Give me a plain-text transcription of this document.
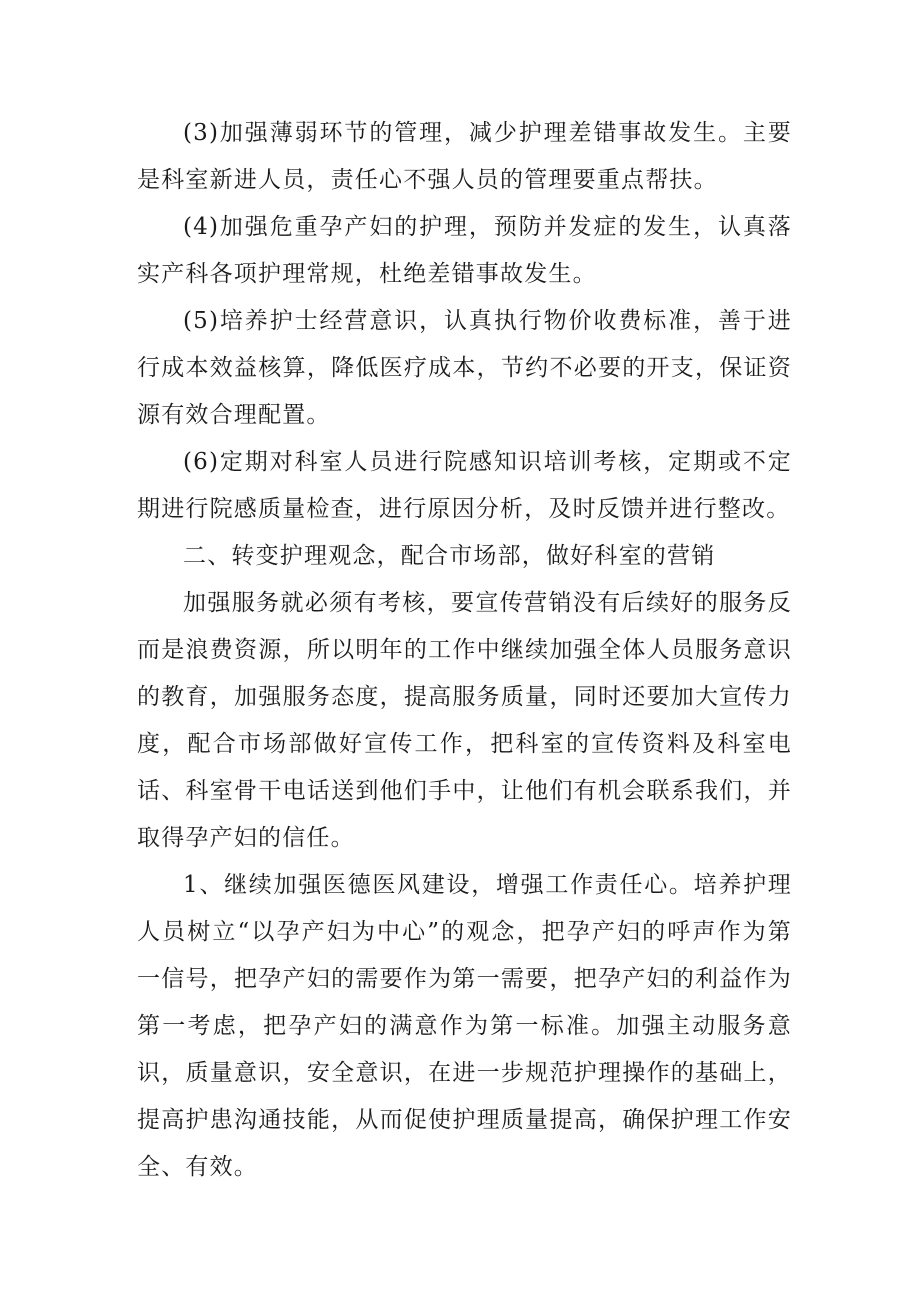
(3)加强薄弱环节的管理，减少护理差错事故发生。主要是科室新进人员，责任心不强人员的管理要重点帮扶。

(4)加强危重孕产妇的护理，预防并发症的发生，认真落实产科各项护理常规，杜绝差错事故发生。

(5)培养护士经营意识，认真执行物价收费标准，善于进行成本效益核算，降低医疗成本，节约不必要的开支，保证资源有效合理配置。

(6)定期对科室人员进行院感知识培训考核，定期或不定期进行院感质量检查，进行原因分析，及时反馈并进行整改。

二、转变护理观念，配合市场部，做好科室的营销

加强服务就必须有考核，要宣传营销没有后续好的服务反而是浪费资源，所以明年的工作中继续加强全体人员服务意识的教育，加强服务态度，提高服务质量，同时还要加大宣传力度，配合市场部做好宣传工作，把科室的宣传资料及科室电话、科室骨干电话送到他们手中，让他们有机会联系我们，并取得孕产妇的信任。

1、继续加强医德医风建设，增强工作责任心。培养护理人员树立“以孕产妇为中心”的观念，把孕产妇的呼声作为第一信号，把孕产妇的需要作为第一需要，把孕产妇的利益作为第一考虑，把孕产妇的满意作为第一标准。加强主动服务意识，质量意识，安全意识，在进一步规范护理操作的基础上，提高护患沟通技能，从而促使护理质量提高，确保护理工作安全、有效。
